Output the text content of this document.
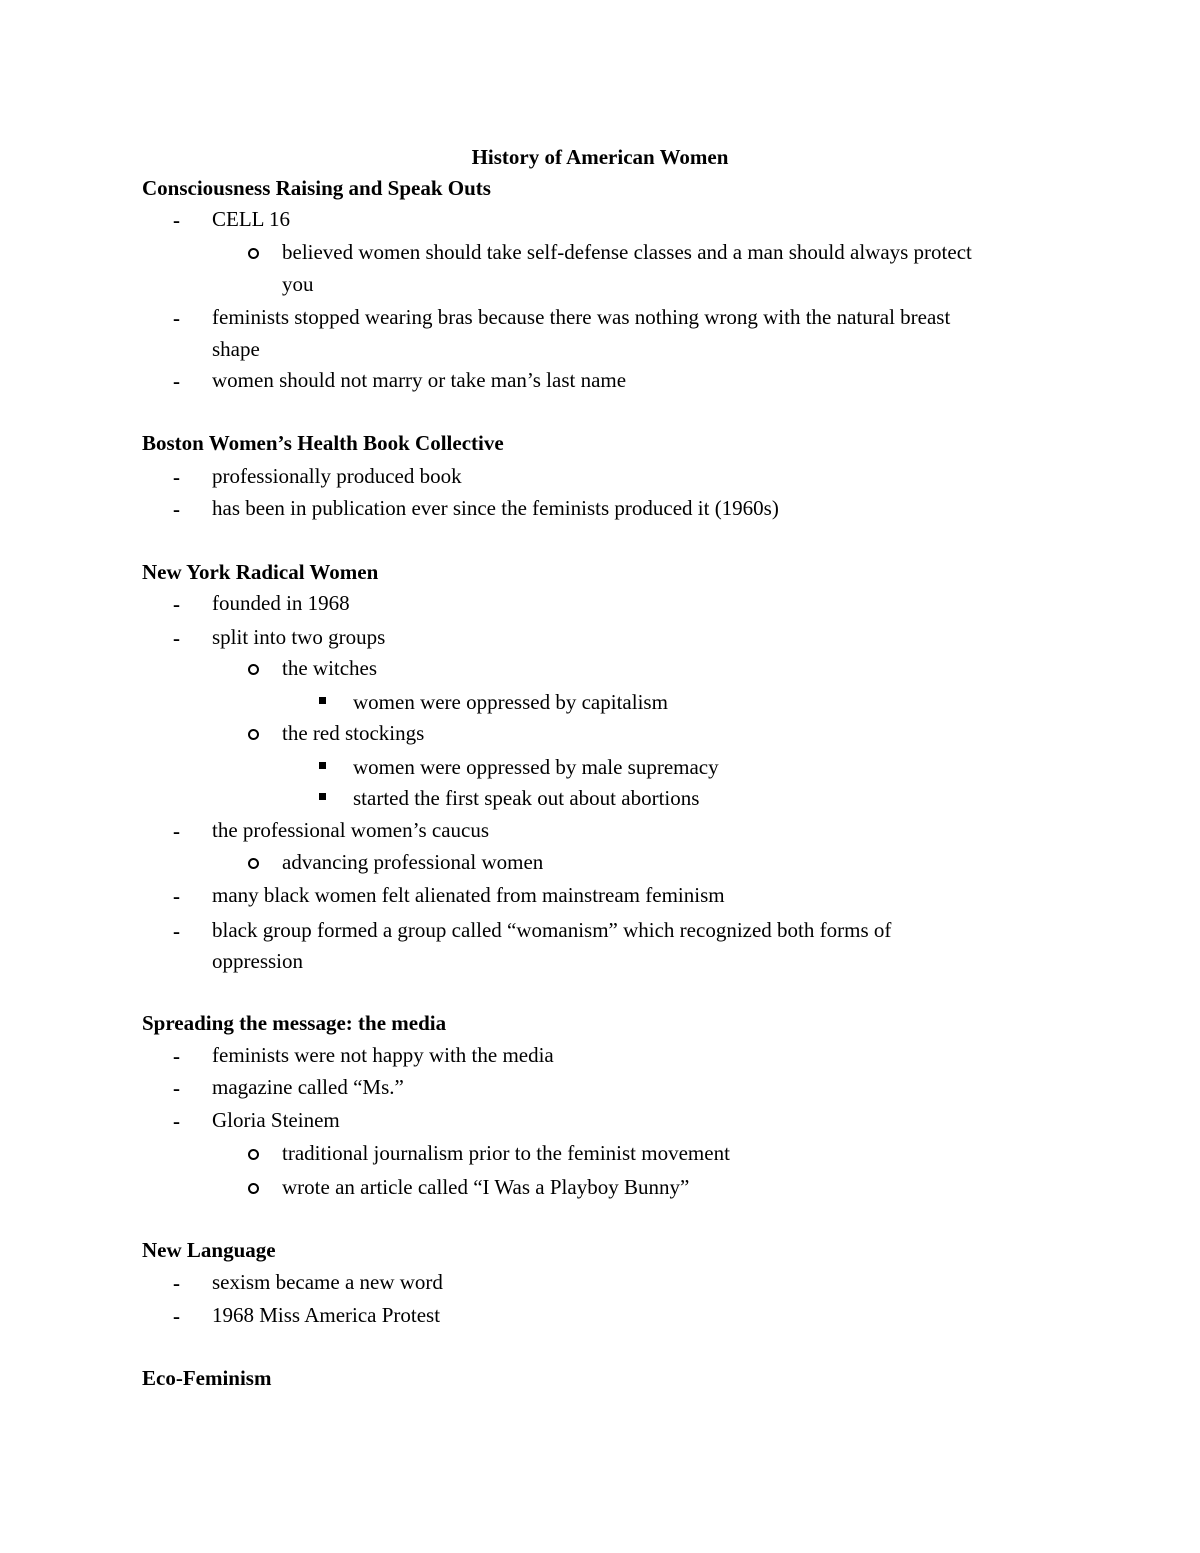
History of American Women
Consciousness Raising and Speak Outs
- CELL 16
believed women should take self-defense classes and a man should always protect
you
- feminists stopped wearing bras because there was nothing wrong with the natural breast
shape
- women should not marry or take man’s last name
Boston Women’s Health Book Collective
- professionally produced book
- has been in publication ever since the feminists produced it (1960s)
New York Radical Women
- founded in 1968
- split into two groups
the witches
women were oppressed by capitalism
the red stockings
women were oppressed by male supremacy
started the first speak out about abortions
- the professional women’s caucus
advancing professional women
- many black women felt alienated from mainstream feminism
- black group formed a group called “womanism” which recognized both forms of
oppression
Spreading the message: the media
- feminists were not happy with the media
- magazine called “Ms.”
- Gloria Steinem
traditional journalism prior to the feminist movement
wrote an article called “I Was a Playboy Bunny”
New Language
- sexism became a new word
- 1968 Miss America Protest
Eco-Feminism
